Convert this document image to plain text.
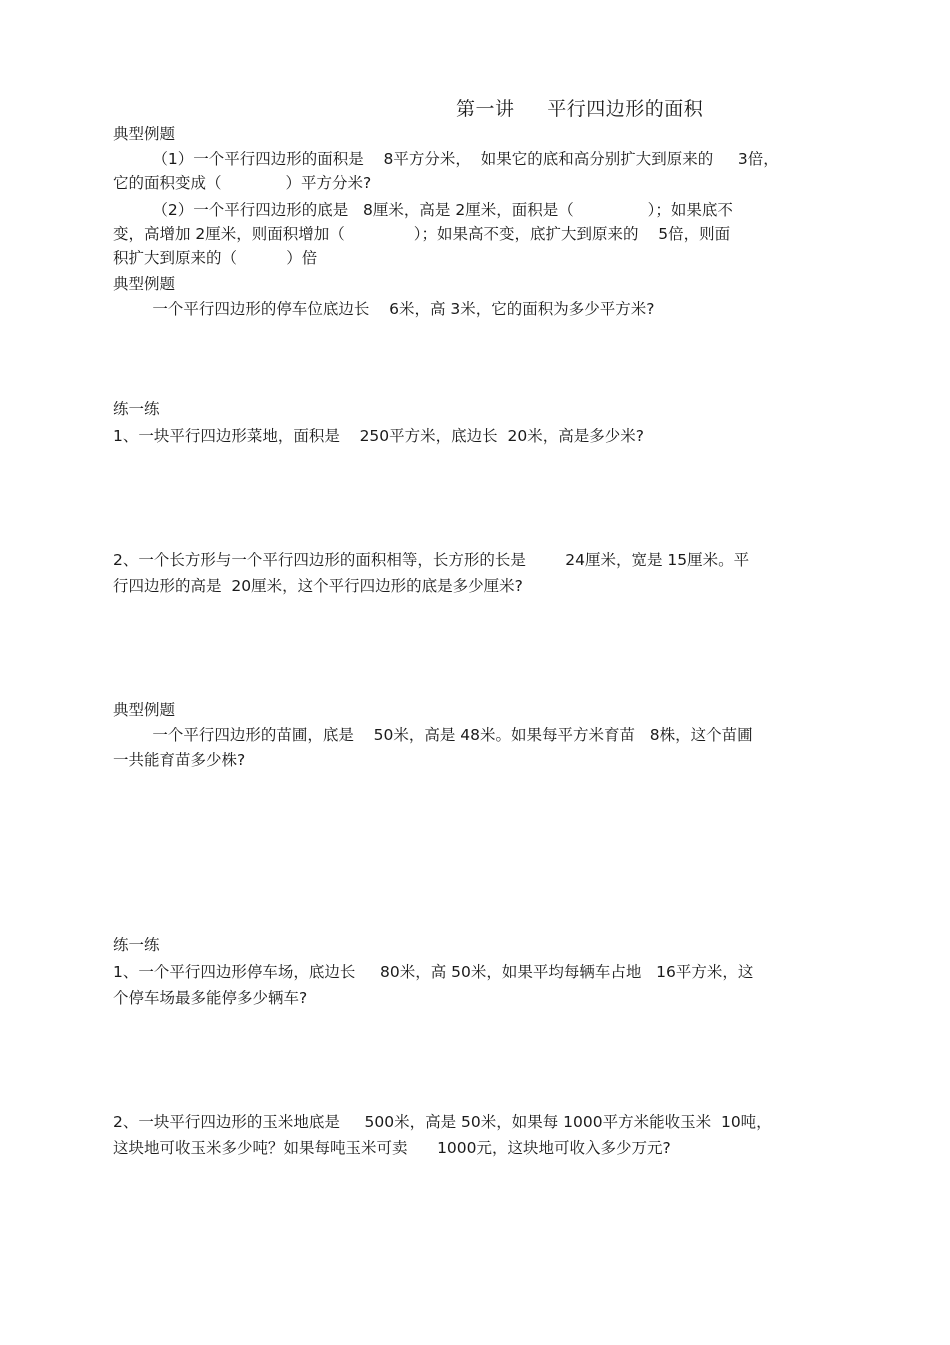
第一讲     平行四边形的面积
典型例题
（1）一个平行四边形的面积是    8平方分米，  如果它的底和高分别扩大到原来的     3倍，
它的面积变成（             ）平方分米?
（2）一个平行四边形的底是   8厘米，高是 2厘米，面积是（               ）；如果底不
变，高增加 2厘米，则面积增加（              ）；如果高不变，底扩大到原来的    5倍，则面
积扩大到原来的（          ）倍
典型例题
一个平行四边形的停车位底边长    6米，高 3米，它的面积为多少平方米?
练一练
1、一块平行四边形菜地，面积是    250平方米，底边长  20米，高是多少米?
2、一个长方形与一个平行四边形的面积相等，长方形的长是        24厘米，宽是 15厘米。平
行四边形的高是  20厘米，这个平行四边形的底是多少厘米?
典型例题
一个平行四边形的苗圃，底是    50米，高是 48米。如果每平方米育苗   8株，这个苗圃
一共能育苗多少株?
练一练
1、一个平行四边形停车场，底边长     80米，高 50米，如果平均每辆车占地   16平方米，这
个停车场最多能停多少辆车?
2、一块平行四边形的玉米地底是     500米，高是 50米，如果每 1000平方米能收玉米  10吨，
这块地可收玉米多少吨？如果每吨玉米可卖      1000元，这块地可收入多少万元?
